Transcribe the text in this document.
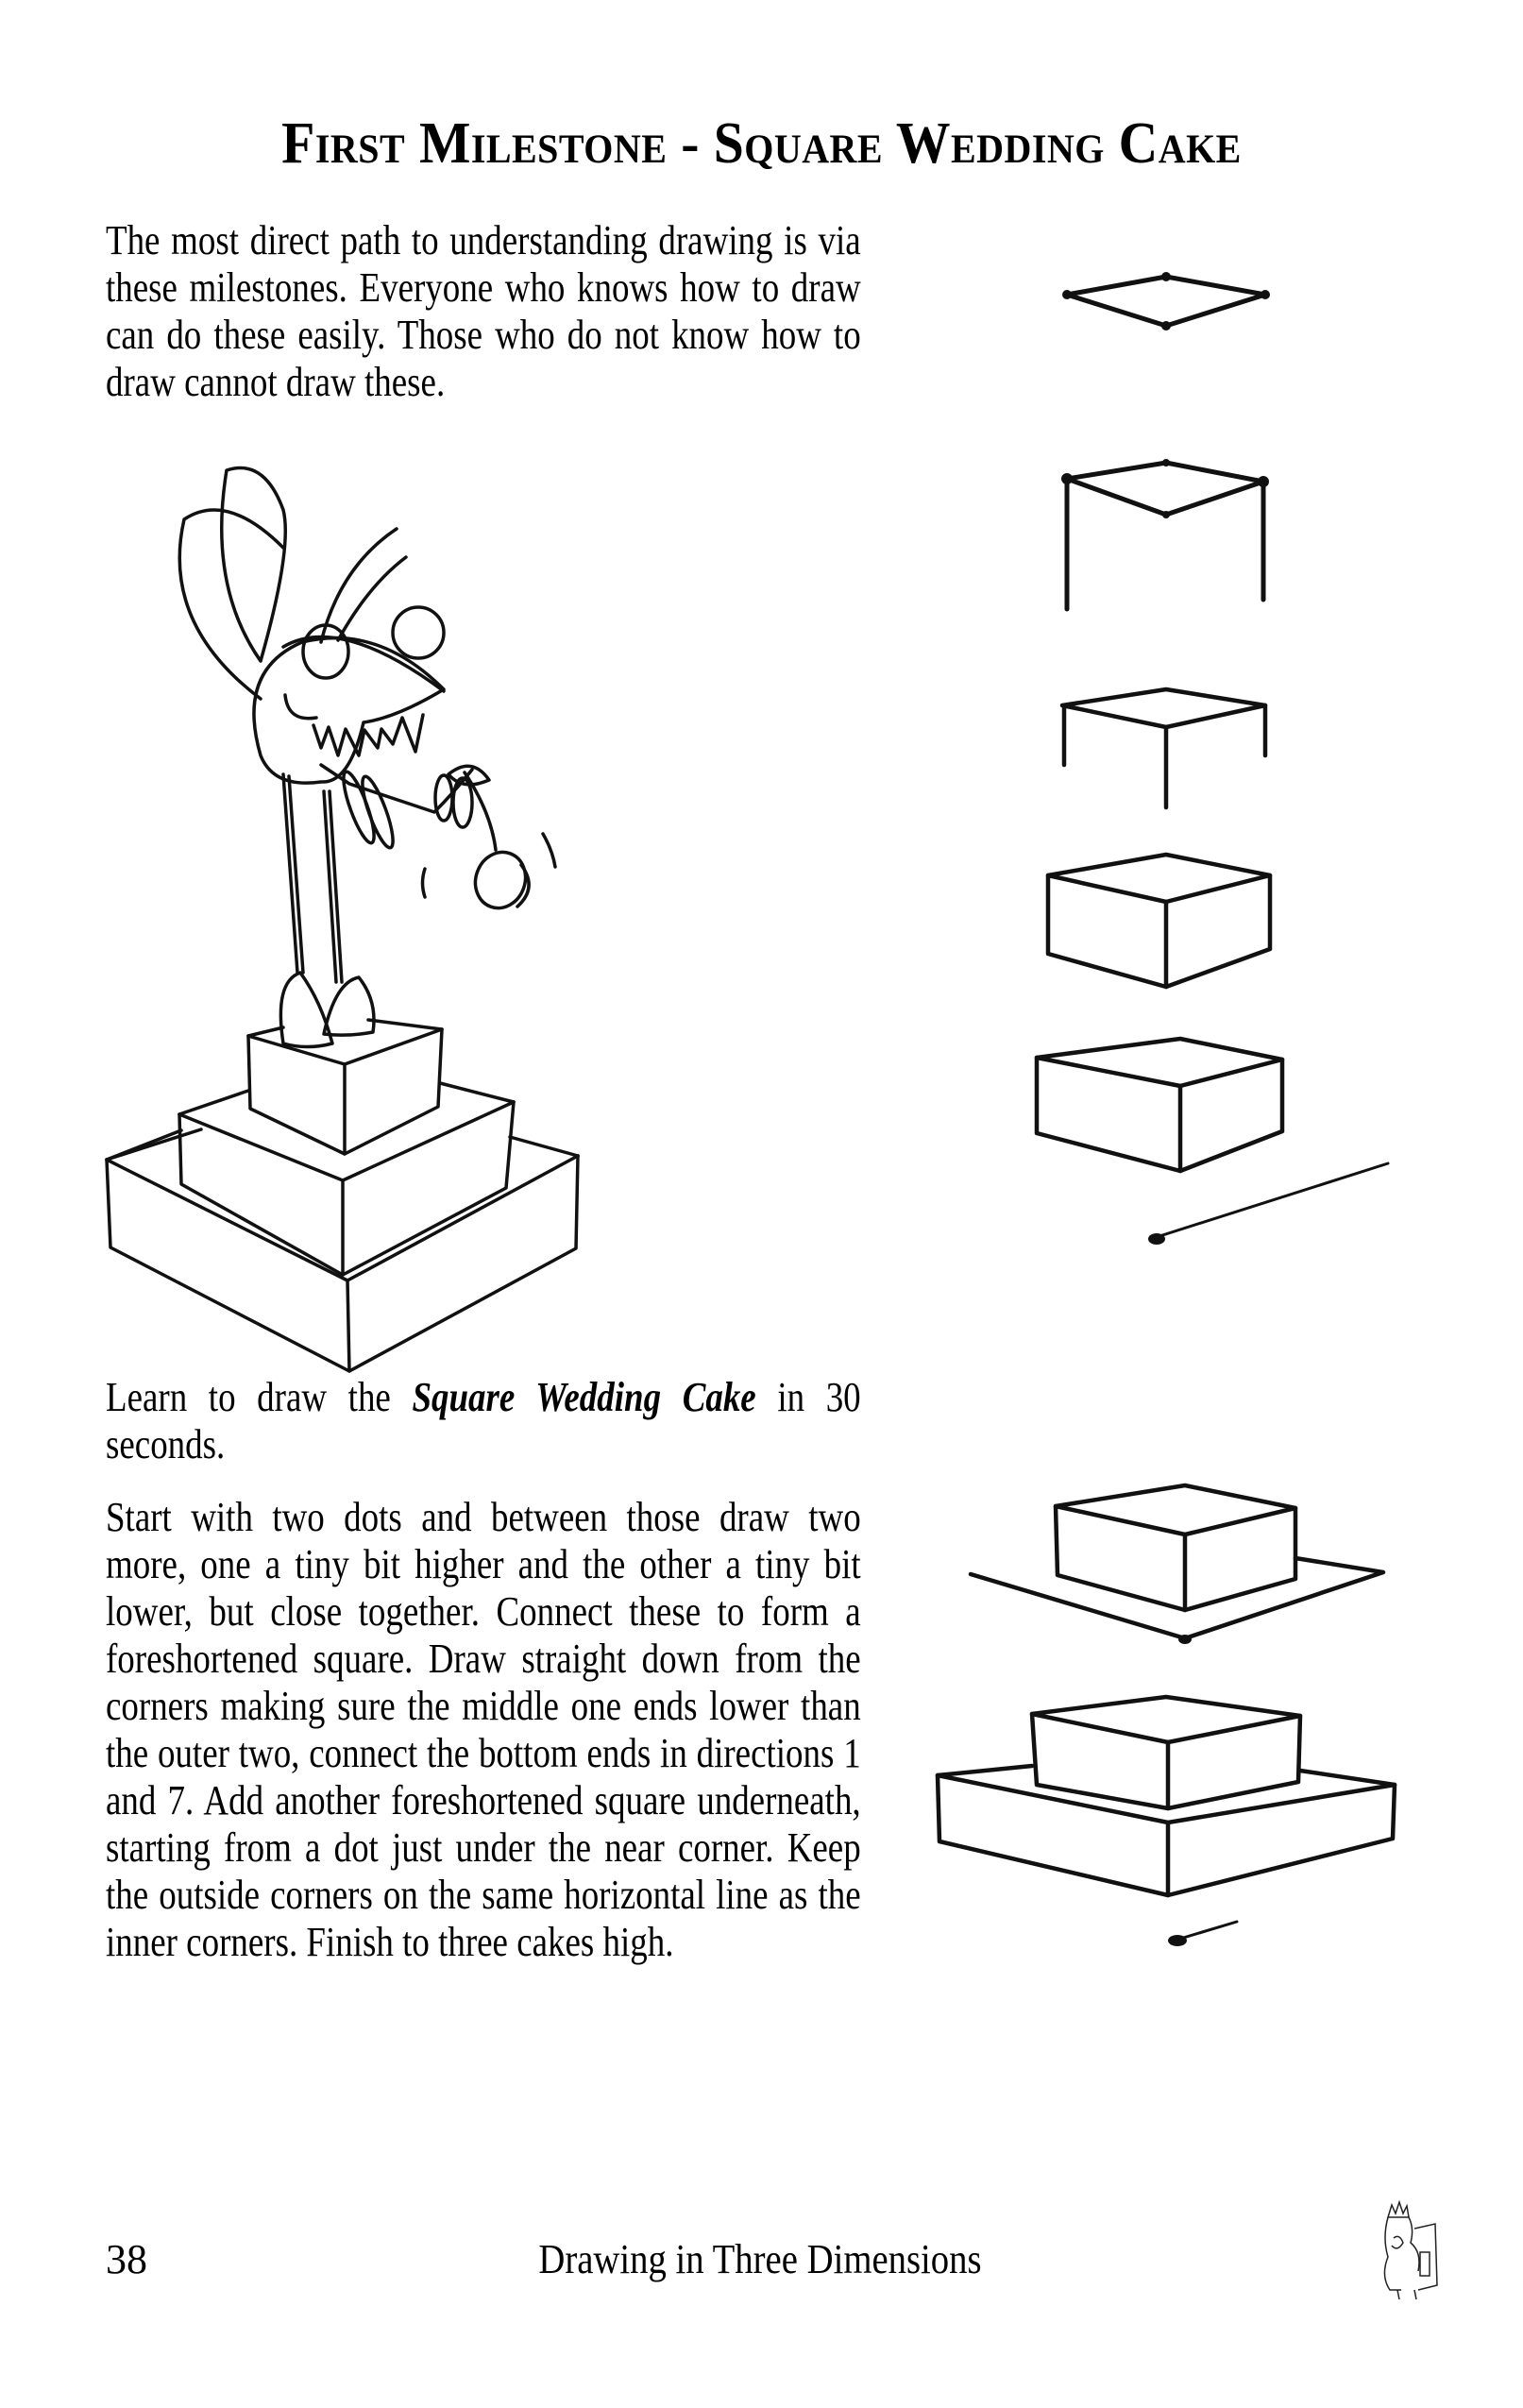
First Milestone - Square Wedding Cake
The most direct path to understanding drawing is via these milestones. Everyone who knows how to draw can do these easily. Those who do not know how to draw cannot draw these.
Learn to draw the Square Wedding Cake in 30 seconds.
Start with two dots and between those draw two more, one a tiny bit higher and the other a tiny bit lower, but close together. Connect these to form a foreshortened square. Draw straight down from the corners making sure the middle one ends lower than the outer two, connect the bottom ends in directions 1 and 7. Add another foreshortened square underneath, starting from a dot just under the near corner. Keep the outside corners on the same horizontal line as the inner corners. Finish to three cakes high.
38	Drawing in Three Dimensions
